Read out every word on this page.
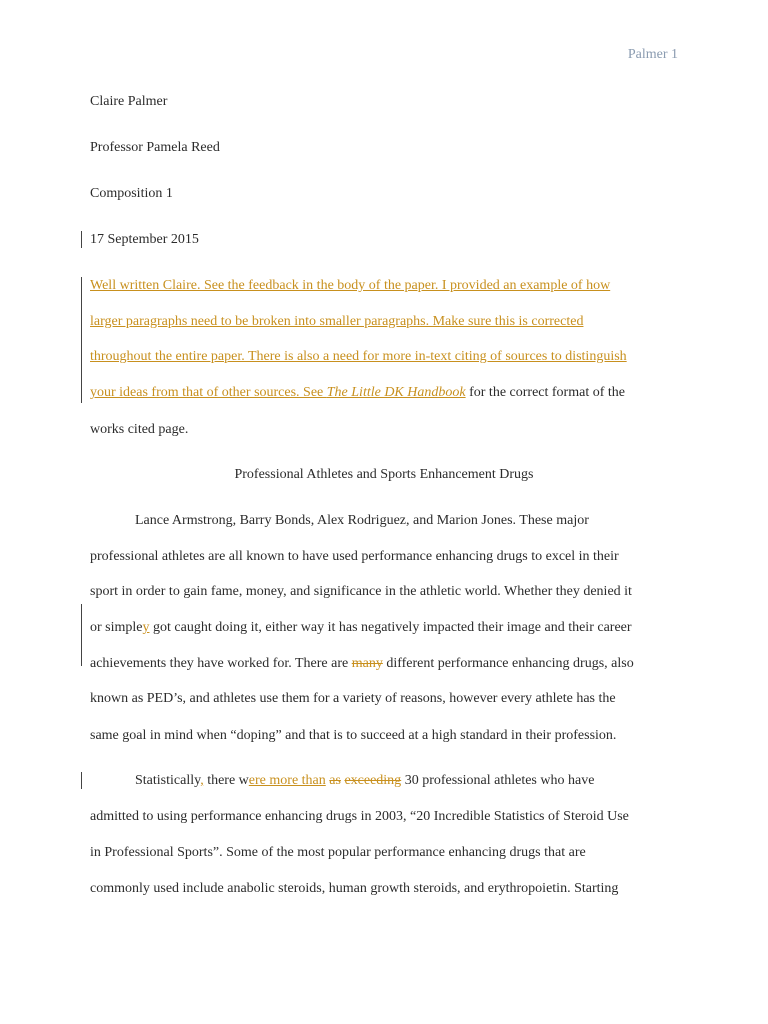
Palmer 1
Claire Palmer
Professor Pamela Reed
Composition 1
17 September 2015
Well written Claire. See the feedback in the body of the paper. I provided an example of how
larger paragraphs need to be broken into smaller paragraphs. Make sure this is corrected
throughout the entire paper. There is also a need for more in-text citing of sources to distinguish
your ideas from that of other sources. See The Little DK Handbook for the correct format of the
works cited page.
Professional Athletes and Sports Enhancement Drugs
Lance Armstrong, Barry Bonds, Alex Rodriguez, and Marion Jones. These major
professional athletes are all known to have used performance enhancing drugs to excel in their
sport in order to gain fame, money, and significance in the athletic world. Whether they denied it
or simpley got caught doing it, either way it has negatively impacted their image and their career
achievements they have worked for. There are many different performance enhancing drugs, also
known as PED’s, and athletes use them for a variety of reasons, however every athlete has the
same goal in mind when “doping” and that is to succeed at a high standard in their profession.
Statistically, there were more than as exceeding 30 professional athletes who have
admitted to using performance enhancing drugs in 2003, “20 Incredible Statistics of Steroid Use
in Professional Sports”. Some of the most popular performance enhancing drugs that are
commonly used include anabolic steroids, human growth steroids, and erythropoietin. Starting
